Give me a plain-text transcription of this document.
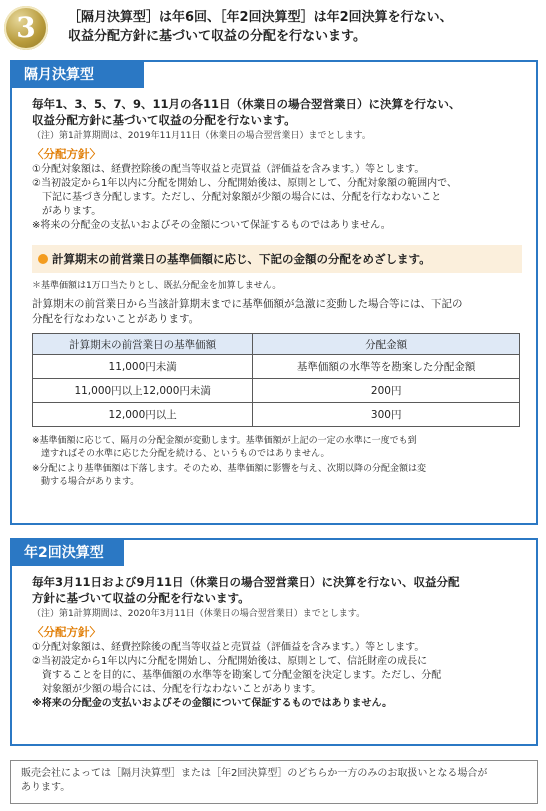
3	［隔月決算型］は年6回、［年2回決算型］は年2回決算を行ない、
収益分配方針に基づいて収益の分配を行ないます。
隔月決算型

毎年1、3、5、7、9、11月の各11日（休業日の場合翌営業日）に決算を行ない、
収益分配方針に基づいて収益の分配を行ないます。

（注）第1計算期間は、2019年11月11日（休業日の場合翌営業日）までとします。

〈分配方針〉

①分配対象額は、経費控除後の配当等収益と売買益（評価益を含みます。）等とします。

②当初設定から1年以内に分配を開始し、分配開始後は、原則として、分配対象額の範囲内で、
　下記に基づき分配します。ただし、分配対象額が少額の場合には、分配を行なわないこと
　があります。

※将来の分配金の支払いおよびその金額について保証するものではありません。

計算期末の前営業日の基準価額に応じ、下記の金額の分配をめざします。

＊基準価額は1万口当たりとし、既払分配金を加算しません。

計算期末の前営業日から当該計算期末までに基準価額が急激に変動した場合等には、下記の
分配を行なわないことがあります。

計算期末の前営業日の基準価額	分配金額
11,000円未満	基準価額の水準等を勘案した分配金額
11,000円以上12,000円未満	200円
12,000円以上	300円

※基準価額に応じて、隔月の分配金額が変動します。基準価額が上記の一定の水準に一度でも到
　達すればその水準に応じた分配を続ける、というものではありません。

※分配により基準価額は下落します。そのため、基準価額に影響を与え、次期以降の分配金額は変
　動する場合があります。

年2回決算型

毎年3月11日および9月11日（休業日の場合翌営業日）に決算を行ない、収益分配
方針に基づいて収益の分配を行ないます。

（注）第1計算期間は、2020年3月11日（休業日の場合翌営業日）までとします。

〈分配方針〉

①分配対象額は、経費控除後の配当等収益と売買益（評価益を含みます。）等とします。

②当初設定から1年以内に分配を開始し、分配開始後は、原則として、信託財産の成長に
　資することを目的に、基準価額の水準等を勘案して分配金額を決定します。ただし、分配
　対象額が少額の場合には、分配を行なわないことがあります。

※将来の分配金の支払いおよびその金額について保証するものではありません。

販売会社によっては［隔月決算型］または［年2回決算型］のどちらか一方のみのお取扱いとなる場合が
あります。
